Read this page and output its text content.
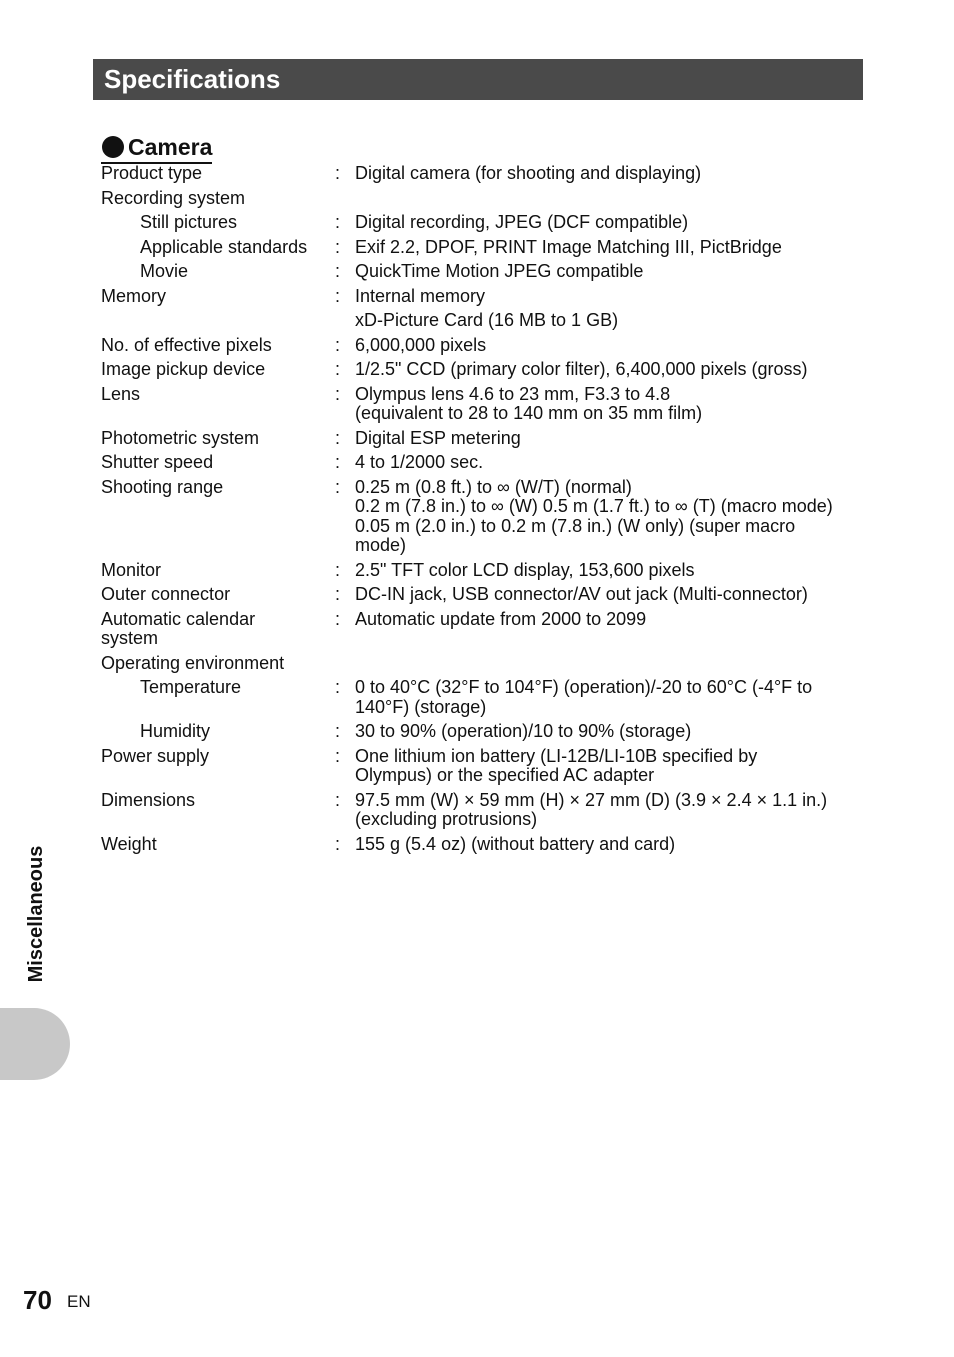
Specifications
Camera
Product type	: Digital camera (for shooting and displaying)
Recording system
Still pictures	: Digital recording, JPEG (DCF compatible)
Applicable standards	: Exif 2.2, DPOF, PRINT Image Matching III, PictBridge
Movie	: QuickTime Motion JPEG compatible
Memory	: Internal memory
xD-Picture Card (16 MB to 1 GB)
No. of effective pixels	: 6,000,000 pixels
Image pickup device	: 1/2.5" CCD (primary color filter), 6,400,000 pixels (gross)
Lens	: Olympus lens 4.6 to 23 mm, F3.3 to 4.8
(equivalent to 28 to 140 mm on 35 mm film)
Photometric system	: Digital ESP metering
Shutter speed	: 4 to 1/2000 sec.
Shooting range	: 0.25 m (0.8 ft.) to ∞ (W/T) (normal)
0.2 m (7.8 in.) to ∞ (W) 0.5 m (1.7 ft.) to ∞ (T) (macro mode)
0.05 m (2.0 in.) to 0.2 m (7.8 in.) (W only) (super macro
mode)
Monitor	: 2.5" TFT color LCD display, 153,600 pixels
Outer connector	: DC-IN jack, USB connector/AV out jack (Multi-connector)
Automatic calendar
system
: Automatic update from 2000 to 2099
Operating environment
Temperature	: 0 to 40°C (32°F to 104°F) (operation)/-20 to 60°C (-4°F to
140°F) (storage)
Humidity	: 30 to 90% (operation)/10 to 90% (storage)
Power supply	: One lithium ion battery (LI-12B/LI-10B specified by
Olympus) or the specified AC adapter
Dimensions	: 97.5 mm (W) × 59 mm (H) × 27 mm (D) (3.9 × 2.4 × 1.1 in.)
(excluding protrusions)
Weight	: 155 g (5.4 oz) (without battery and card)
Miscellaneous
70 EN
